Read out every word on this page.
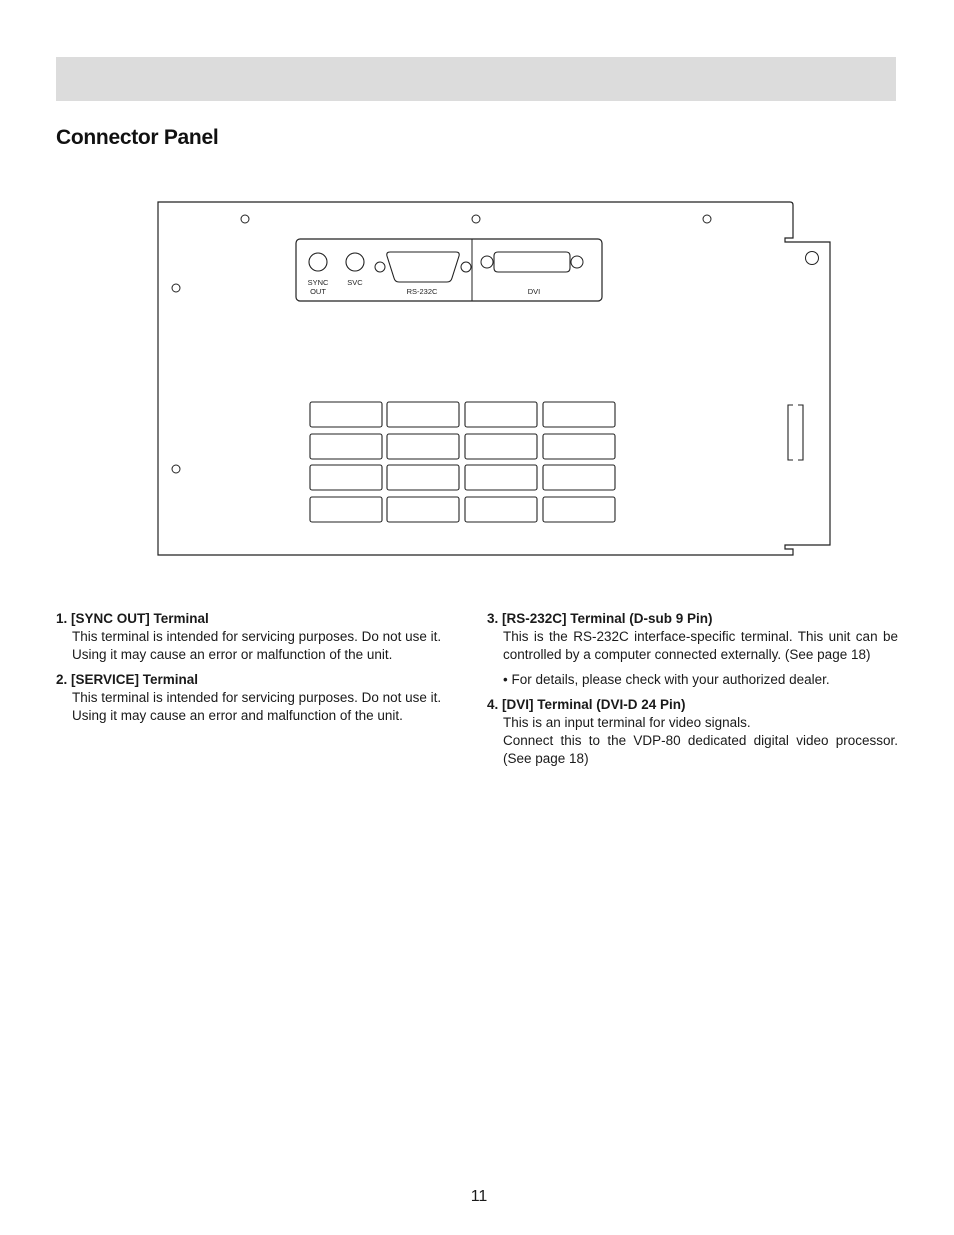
Connector Panel
SYNC
OUT
SVC
RS-232C	DVI
1. [SYNC OUT] Terminal
This terminal is intended for servicing purposes. Do not use it. Using it may cause an error or malfunction of the unit.
2. [SERVICE] Terminal
This terminal is intended for servicing purposes. Do not use it. Using it may cause an error and malfunction of the unit.
3. [RS-232C] Terminal (D-sub 9 Pin)
This is the RS-232C interface-specific terminal. This unit can be controlled by a computer connected externally. (See page 18)
• For details, please check with your authorized dealer.
4. [DVI] Terminal (DVI-D 24 Pin)
This is an input terminal for video signals.
Connect this to the VDP-80 dedicated digital video processor. (See page 18)
11
